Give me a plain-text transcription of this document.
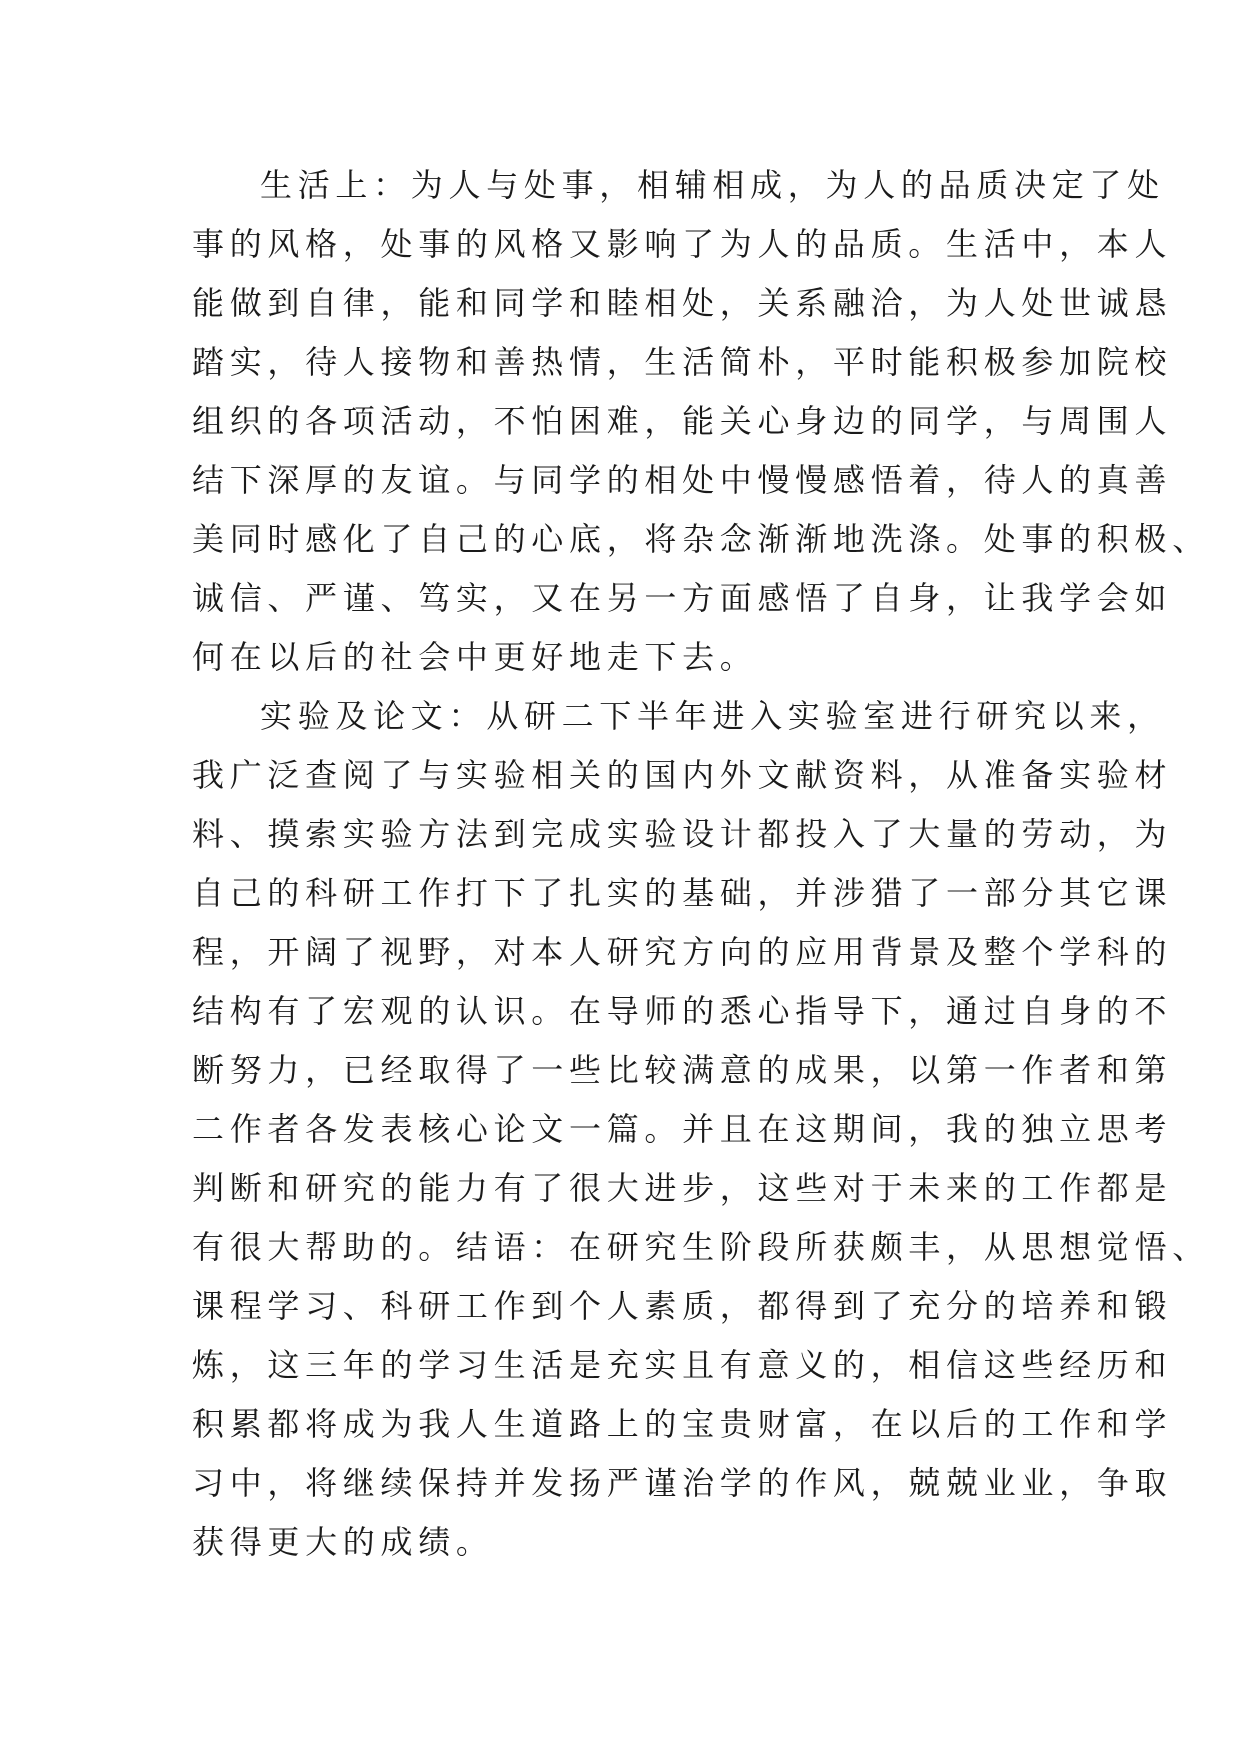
生活上：为人与处事，相辅相成，为人的品质决定了处
事的风格，处事的风格又影响了为人的品质。生活中，本人
能做到自律，能和同学和睦相处，关系融洽，为人处世诚恳
踏实，待人接物和善热情，生活简朴，平时能积极参加院校
组织的各项活动，不怕困难，能关心身边的同学，与周围人
结下深厚的友谊。与同学的相处中慢慢感悟着，待人的真善
美同时感化了自己的心底，将杂念渐渐地洗涤。处事的积极、
诚信、严谨、笃实，又在另一方面感悟了自身，让我学会如
何在以后的社会中更好地走下去。
实验及论文：从研二下半年进入实验室进行研究以来，
我广泛查阅了与实验相关的国内外文献资料，从准备实验材
料、摸索实验方法到完成实验设计都投入了大量的劳动，为
自己的科研工作打下了扎实的基础，并涉猎了一部分其它课
程，开阔了视野，对本人研究方向的应用背景及整个学科的
结构有了宏观的认识。在导师的悉心指导下，通过自身的不
断努力，已经取得了一些比较满意的成果，以第一作者和第
二作者各发表核心论文一篇。并且在这期间，我的独立思考
判断和研究的能力有了很大进步，这些对于未来的工作都是
有很大帮助的。结语：在研究生阶段所获颇丰，从思想觉悟、
课程学习、科研工作到个人素质，都得到了充分的培养和锻
炼，这三年的学习生活是充实且有意义的，相信这些经历和
积累都将成为我人生道路上的宝贵财富，在以后的工作和学
习中，将继续保持并发扬严谨治学的作风，兢兢业业，争取
获得更大的成绩。
